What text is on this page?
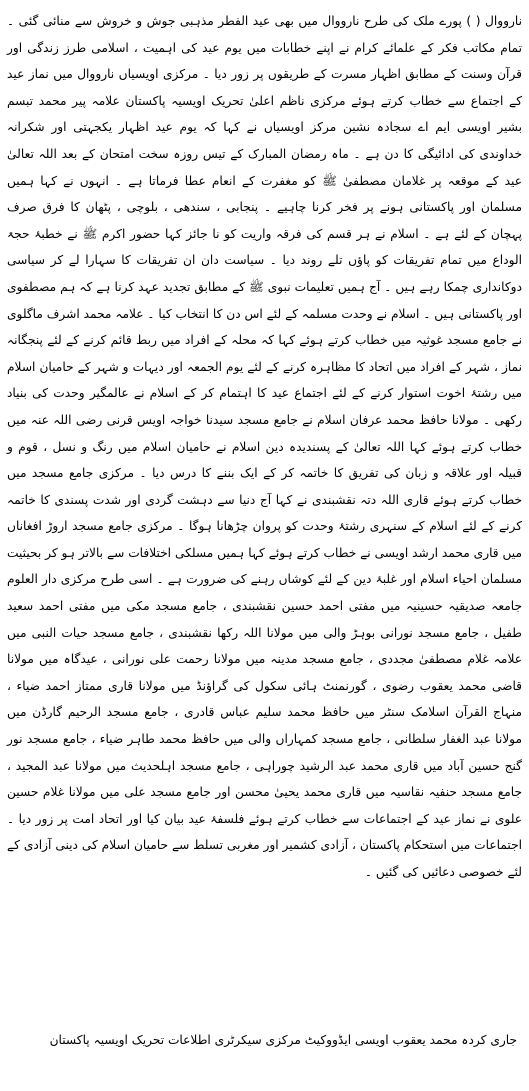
نارووال ( ) پورے ملک کی طرح نارووال میں بھی عید الفطر مذہبی جوش و خروش سے منائی گئی ۔ تمام مکاتب فکر کے علمائے کرام نے اپنے خطابات میں یوم عید کی اہمیت ، اسلامی طرز زندگی اور قرآن وسنت کے مطابق اظہار مسرت کے طریقوں پر زور دیا ۔ مرکزی اویسیاں نارووال میں نماز عید کے اجتماع سے خطاب کرتے ہوئے مرکزی ناظم اعلیٰ تحریک اویسیہ پاکستان علامہ پیر محمد تبسم بشیر اویسی ایم اے سجادہ نشین مرکز اویسیاں نے کہا کہ یوم عید اظہار یکجہتی اور شکرانہ خداوندی کی ادائیگی کا دن ہے ۔ ماہ رمضان المبارک کے تیس روزہ سخت امتحان کے بعد اللہ تعالیٰ عید کے موقعہ پر غلامان مصطفیٰ ﷺ کو مغفرت کے انعام عطا فرماتا ہے ۔ انہوں نے کہا ہمیں مسلمان اور پاکستانی ہونے پر فخر کرنا چاہیے ۔ پنجابی ، سندھی ، بلوچی ، پٹھان کا فرق صرف پہچان کے لئے ہے ۔ اسلام نے ہر قسم کی فرقہ واریت کو نا جائز کہا حضور اکرم ﷺ نے خطبۂ حجۃ الوداع میں تمام تفریقات کو پاؤں تلے روند دیا ۔ سیاست دان ان تفریقات کا سہارا لے کر سیاسی دوکانداری چمکا رہے ہیں ۔ آج ہمیں تعلیمات نبوی ﷺ کے مطابق تجدید عہد کرنا ہے کہ ہم مصطفوی اور پاکستانی ہیں ۔ اسلام نے وحدت مسلمہ کے لئے اس دن کا انتخاب کیا ۔ علامہ محمد اشرف ماگلوی نے جامع مسجد غوثیہ میں خطاب کرتے ہوئے کہا کہ محلہ کے افراد میں ربط قائم کرنے کے لئے پنجگانہ نماز ، شہر کے افراد میں اتحاد کا مظاہرہ کرنے کے لئے یوم الجمعہ اور دیہات و شہر کے حامیان اسلام میں رشتۂ اخوت استوار کرنے کے لئے اجتماع عید کا اہتمام کر کے اسلام نے عالمگیر وحدت کی بنیاد رکھی ۔ مولانا حافظ محمد عرفان اسلام نے جامع مسجد سیدنا خواجہ اویس قرنی رضی اللہ عنہ میں خطاب کرتے ہوئے کہا اللہ تعالیٰ کے پسندیدہ دین اسلام نے حامیان اسلام میں رنگ و نسل ، قوم و قبیلہ اور علاقہ و زبان کی تفریق کا خاتمہ کر کے ایک بننے کا درس دیا ۔ مرکزی جامع مسجد میں خطاب کرتے ہوئے قاری اللہ دتہ نقشبندی نے کہا آج دنیا سے دہشت گردی اور شدت پسندی کا خاتمہ کرنے کے لئے اسلام کے سنہری رشتۂ وحدت کو پروان چڑھانا ہوگا ۔ مرکزی جامع مسجد اروڑ افغاناں میں قاری محمد ارشد اویسی نے خطاب کرتے ہوئے کہا ہمیں مسلکی اختلافات سے بالاتر ہو کر بحیثیت مسلمان احیاء اسلام اور غلبۂ دین کے لئے کوشاں رہنے کی ضرورت ہے ۔ اسی طرح مرکزی دار العلوم جامعہ صدیقیہ حسینیہ میں مفتی احمد حسین نقشبندی ، جامع مسجد مکی میں مفتی احمد سعید طفیل ، جامع مسجد نورانی بوہڑ والی میں مولانا اللہ رکھا نقشبندی ، جامع مسجد حیات النبی میں علامہ غلام مصطفیٰ مجددی ، جامع مسجد مدینہ میں مولانا رحمت علی نورانی ، عیدگاہ میں مولانا قاضی محمد یعقوب رضوی ، گورنمنٹ ہائی سکول کی گراؤنڈ میں مولانا قاری ممتاز احمد ضیاء ، منہاج القرآن اسلامک سنٹر میں حافظ محمد سلیم عباس قادری ، جامع مسجد الرحیم گارڈن میں مولانا عبد الغفار سلطانی ، جامع مسجد کمہاراں والی میں حافظ محمد طاہر ضیاء ، جامع مسجد نور گنج حسین آباد میں قاری محمد عبد الرشید چوراہی ، جامع مسجد اہلحدیث میں مولانا عبد المجید ، جامع مسجد حنفیہ نقاسیہ میں قاری محمد یحییٰ محسن اور جامع مسجد علی میں مولانا غلام حسین علوی نے نماز عید کے اجتماعات سے خطاب کرتے ہوئے فلسفۂ عید بیان کیا اور اتحاد امت پر زور دیا ۔ اجتماعات میں استحکام پاکستان ، آزادی کشمیر اور مغربی تسلط سے حامیان اسلام کی دینی آزادی کے لئے خصوصی دعائیں کی گئیں ۔

جاری کردہ محمد یعقوب اویسی ایڈووکیٹ مرکزی سیکرٹری اطلاعات تحریک اویسیہ پاکستان
